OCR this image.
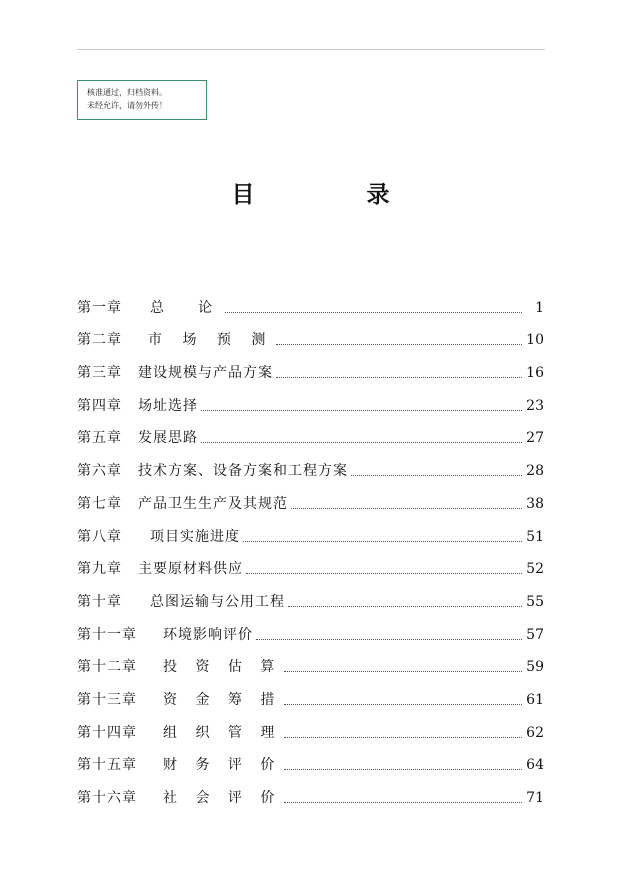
核准通过，归档资料。
未经允许，请勿外传！
目 录
第一章 总　论	1
第二章 市 场 预 测	10
第三章 建设规模与产品方案	16
第四章 场址选择	23
第五章 发展思路	27
第六章 技术方案、设备方案和工程方案	28
第七章 产品卫生生产及其规范	38
第八章 项目实施进度	51
第九章 主要原材料供应	52
第十章 总图运输与公用工程	55
第十一章 环境影响评价	57
第十二章 投 资 估 算	59
第十三章 资 金 筹 措	61
第十四章 组 织 管 理	62
第十五章 财 务 评 价	64
第十六章 社 会 评 价	71
